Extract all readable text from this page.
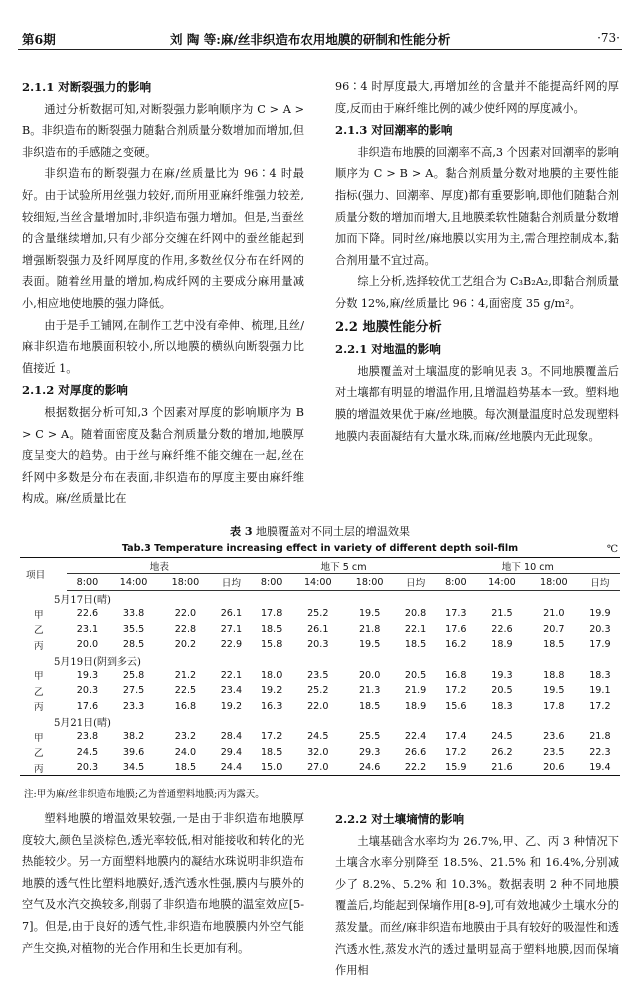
第6期	刘 陶 等:麻/丝非织造布农用地膜的研制和性能分析	·73·
2.1.1 对断裂强力的影响

通过分析数据可知,对断裂强力影响顺序为 C > A > B。非织造布的断裂强力随黏合剂质量分数增加而增加,但非织造布的手感随之变硬。

非织造布的断裂强力在麻/丝质量比为 96∶4 时最好。由于试验所用丝强力较好,而所用亚麻纤维强力较差,较细短,当丝含量增加时,非织造布强力增加。但是,当蚕丝的含量继续增加,只有少部分交缠在纤网中的蚕丝能起到增强断裂强力及纤网厚度的作用,多数丝仅分布在纤网的表面。随着丝用量的增加,构成纤网的主要成分麻用量减小,相应地使地膜的强力降低。

由于是手工铺网,在制作工艺中没有牵伸、梳理,且丝/麻非织造布地膜面积较小,所以地膜的横纵向断裂强力比值接近 1。

2.1.2 对厚度的影响

根据数据分析可知,3 个因素对厚度的影响顺序为 B > C > A。随着面密度及黏合剂质量分数的增加,地膜厚度呈变大的趋势。由于丝与麻纤维不能交缠在一起,丝在纤网中多数是分布在表面,非织造布的厚度主要由麻纤维构成。麻/丝质量比在

96∶4 时厚度最大,再增加丝的含量并不能提高纤网的厚度,反而由于麻纤维比例的减少使纤网的厚度减小。

2.1.3 对回潮率的影响

非织造布地膜的回潮率不高,3 个因素对回潮率的影响顺序为 C > B > A。黏合剂质量分数对地膜的主要性能指标(强力、回潮率、厚度)都有重要影响,即他们随黏合剂质量分数的增加而增大,且地膜柔软性随黏合剂质量分数增加而下降。同时丝/麻地膜以实用为主,需合理控制成本,黏合剂用量不宜过高。

综上分析,选择较优工艺组合为 C₃B₂A₂,即黏合剂质量分数 12%,麻/丝质量比 96∶4,面密度 35 g/m²。

2.2 地膜性能分析
2.2.1 对地温的影响

地膜覆盖对土壤温度的影响见表 3。不同地膜覆盖后对土壤都有明显的增温作用,且增温趋势基本一致。塑料地膜的增温效果优于麻/丝地膜。每次测量温度时总发现塑料地膜内表面凝结有大量水珠,而麻/丝地膜内无此现象。

表 3 地膜覆盖对不同土层的增温效果
Tab.3 Temperature increasing effect in variety of different depth soil-film	℃
项目	地表				地下 5 cm				地下 10 cm			
	8:00	14:00	18:00	日均	8:00	14:00	18:00	日均	8:00	14:00	18:00	日均
5月17日(晴)												
甲	22.6	33.8	22.0	26.1	17.8	25.2	19.5	20.8	17.3	21.5	21.0	19.9
乙	23.1	35.5	22.8	27.1	18.5	26.1	21.8	22.1	17.6	22.6	20.7	20.3
丙	20.0	28.5	20.2	22.9	15.8	20.3	19.5	18.5	16.2	18.9	18.5	17.9
5月19日(阴到多云)												
甲	19.3	25.8	21.2	22.1	18.0	23.5	20.0	20.5	16.8	19.3	18.8	18.3
乙	20.3	27.5	22.5	23.4	19.2	25.2	21.3	21.9	17.2	20.5	19.5	19.1
丙	17.6	23.3	16.8	19.2	16.3	22.0	18.5	18.9	15.6	18.3	17.8	17.2
5月21日(晴)												
甲	23.8	38.2	23.2	28.4	17.2	24.5	25.5	22.4	17.4	24.5	23.6	21.8
乙	24.5	39.6	24.0	29.4	18.5	32.0	29.3	26.6	17.2	26.2	23.5	22.3
丙	20.3	34.5	18.5	24.4	15.0	27.0	24.6	22.2	15.9	21.6	20.6	19.4
注:甲为麻/丝非织造布地膜;乙为普通塑料地膜;丙为露天。

塑料地膜的增温效果较强,一是由于非织造布地膜厚度较大,颜色呈淡棕色,透光率较低,相对能接收和转化的光热能较少。另一方面塑料地膜内的凝结水珠说明非织造布地膜的透气性比塑料地膜好,透汽透水性强,膜内与膜外的空气及水汽交换较多,削弱了非织造布地膜的温室效应[5-7]。但是,由于良好的透气性,非织造布地膜膜内外空气能产生交换,对植物的光合作用和生长更加有利。

2.2.2 对土壤墒情的影响

土壤基础含水率均为 26.7%,甲、乙、丙 3 种情况下土壤含水率分别降至 18.5%、21.5% 和 16.4%,分别减少了 8.2%、5.2% 和 10.3%。数据表明 2 种不同地膜覆盖后,均能起到保墒作用[8-9],可有效地减少土壤水分的蒸发量。而丝/麻非织造布地膜由于具有较好的吸湿性和透汽透水性,蒸发水汽的透过量明显高于塑料地膜,因而保墒作用相
